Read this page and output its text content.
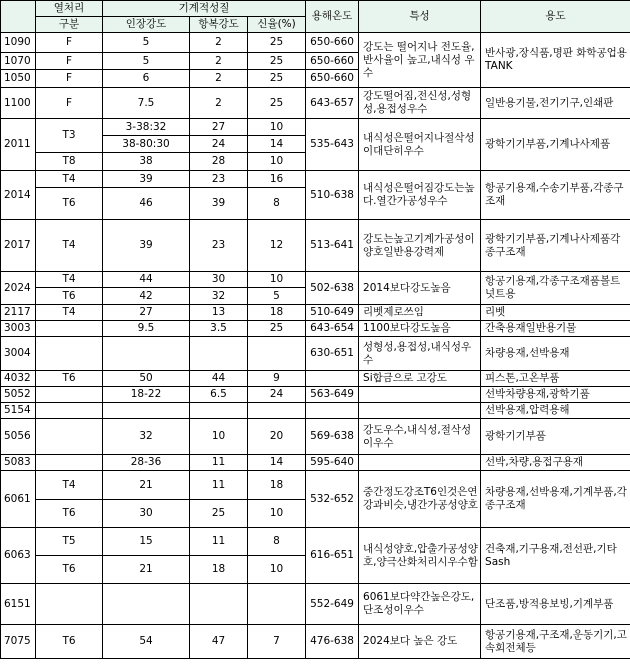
	열처리	기계적성질			용해온도	특성	용도
	구분	인장강도	항복강도	신율(%)			
1090	F	5	2	25	650-660	강도는 떨어지나 전도율,반사율이 높고,내식성 우수	반사광,장식품,명판 화학공업용 TANK
1070	F	5	2	25	650-660		
1050	F	6	2	25	650-660		
1100	F	7.5	2	25	643-657	강도떨어짐,전신성,성형성,용접성우수	일반용기물,전기기구,인쇄판
2011	T3	3-38:32	27	10	535-643	내식성은떨어지나절삭성이대단히우수	광학기기부품,기계나사제품
		38-80:30	24	14			
	T8	38	28	10			
2014	T4	39	23	16	510-638	내식성은떨어짐강도는높다.열간가공성우수	항공기용재,수송기부품,각종구조재
	T6	46	39	8			
2017	T4	39	23	12	513-641	강도는높고기계가공성이양호일반용강력제	광학기기부품,기계나사제품각종구조재
2024	T4	44	30	10	502-638	2014보다강도높음	항공기용재,각종구조재품볼트넛트용
	T6	42	32	5			
2117	T4	27	13	18	510-649	리벳제로쓰임	리벳
3003		9.5	3.5	25	643-654	1100보다강도높음	간축용재일반용기물
3004					630-651	성형성,용접성,내식성우수	차량용재,선박용재
4032	T6	50	44	9		Si합금으로 고강도	피스톤,고온부품
5052		18-22	6.5	24	563-649		선박차량용재,광학기품
5154							선박용재,압력용해
5056		32	10	20	569-638	강도우수,내식성,절삭성이우수	광학기기부품
5083		28-36	11	14	595-640		선박,차량,용접구용재
6061	T4	21	11	18	532-652	중간정도강조T6인것은연강과비슷,냉간가공성양호	차량용재,선박용재,기계부품,각종구조재
	T6	30	25	10			
6063	T5	15	11	8	616-651	내식성양호,압출가공성양호,양극산화처리시우수함	건축재,기구용재,전선판,기타Sash
	T6	21	18	10			
6151					552-649	6061보다약간높은강도,단조성이우수	단조품,방적용보빙,기계부품
7075	T6	54	47	7	476-638	2024보다 높은 강도	항공기용재,구조재,운동기기,고속회전체등
